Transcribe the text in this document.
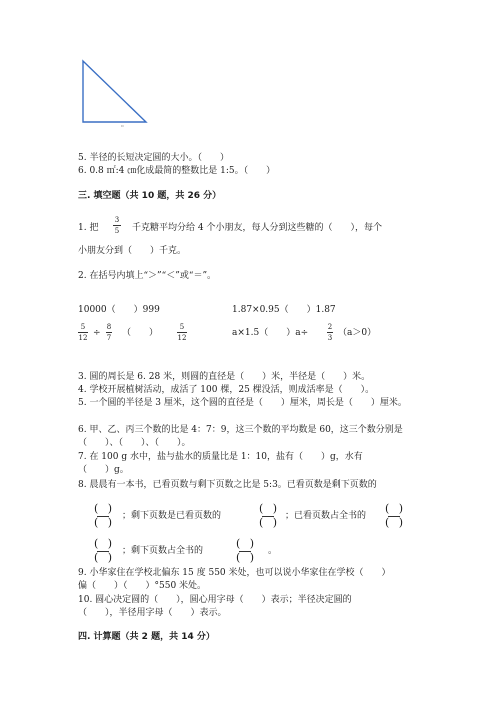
▫
5. 半径的长短决定圆的大小。（　　）
6. 0.8 ㎡:4 ㎝化成最简的整数比是 1:5。（　　）
三. 填空题（共 10 题，共 26 分）
1. 把
3
5 千克糖平均分给 4 个小朋友，每人分到这些糖的（　　），每个
小朋友分到（　　）千克。
2. 在括号内填上“＞”“＜”或“＝”。
10000（　　）999	1.87×0.95（　　）1.87
5
12 ÷
8
7 （　　）
5
12	a×1.5（　　）a÷
2
3 （a＞0）
3. 圆的周长是 6. 28 米，则圆的直径是（　　）米，半径是（　　）米。
4. 学校开展植树活动，成活了 100 棵，25 棵没活，则成活率是（　　）。
5. 一个圆的半径是 3 厘米，这个圆的直径是（　　）厘米，周长是（　　）厘米。
6. 甲、乙、丙三个数的比是 4：7：9，这三个数的平均数是 60，这三个数分别是
（　　）、（　　）、（　　）。
7. 在 100 g 水中，盐与盐水的质量比是 1：10，盐有（　　）g，水有
（　　）g。
8. 晨晨有一本书，已看页数与剩下页数之比是 5:3。已看页数是剩下页数的
( )
( ) ；剩下页数是已看页数的
( )
( ) ；已看页数占全书的
( )
( )
( )
( ) ；剩下页数占全书的
( )
( ) 。
9. 小华家住在学校北偏东 15 度 550 米处，也可以说小华家住在学校（　　）
偏（　　）（　　）°550 米处。
10. 圆心决定圆的（　　），圆心用字母（　　）表示；半径决定圆的
（　　），半径用字母（　　）表示。
四. 计算题（共 2 题，共 14 分）
